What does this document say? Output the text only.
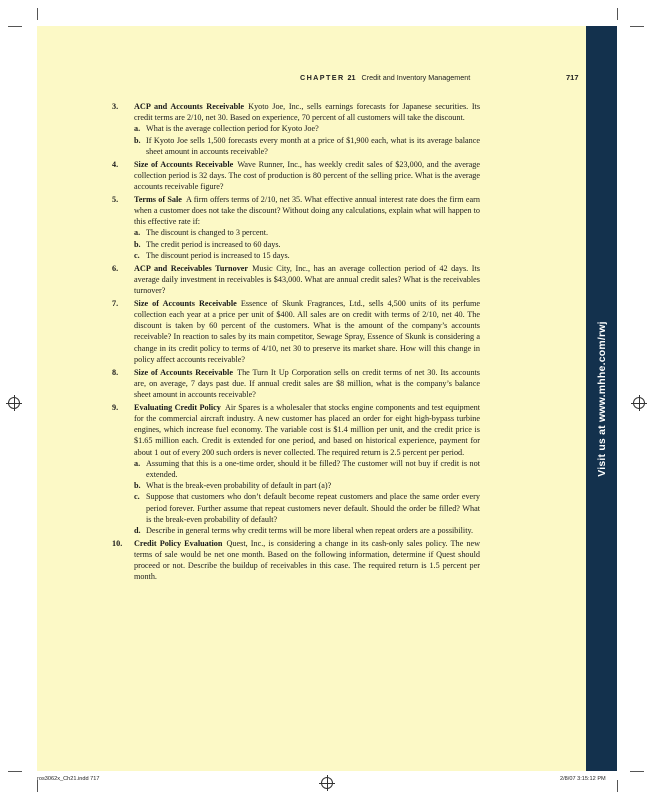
Visit us at www.mhhe.com/rwj
CHAPTER 21 Credit and Inventory Management	717
3.	ACP and Accounts Receivable  Kyoto Joe, Inc., sells earnings forecasts for Japanese securities. Its credit terms are 2/10, net 30. Based on experience, 70 percent of all customers will take the discount.
a. What is the average collection period for Kyoto Joe?
b. If Kyoto Joe sells 1,500 forecasts every month at a price of $1,900 each, what is its average balance sheet amount in accounts receivable?
4.	Size of Accounts Receivable  Wave Runner, Inc., has weekly credit sales of $23,000, and the average collection period is 32 days. The cost of production is 80 percent of the selling price. What is the average accounts receivable figure?
5.	Terms of Sale  A firm offers terms of 2/10, net 35. What effective annual interest rate does the firm earn when a customer does not take the discount? Without doing any calculations, explain what will happen to this effective rate if:
a. The discount is changed to 3 percent.
b. The credit period is increased to 60 days.
c. The discount period is increased to 15 days.
6.	ACP and Receivables Turnover  Music City, Inc., has an average collection period of 42 days. Its average daily investment in receivables is $43,000. What are annual credit sales? What is the receivables turnover?
7.	Size of Accounts Receivable  Essence of Skunk Fragrances, Ltd., sells 4,500 units of its perfume collection each year at a price per unit of $400. All sales are on credit with terms of 2/10, net 40. The discount is taken by 60 percent of the customers. What is the amount of the company’s accounts receivable? In reaction to sales by its main competitor, Sewage Spray, Essence of Skunk is considering a change in its credit policy to terms of 4/10, net 30 to preserve its market share. How will this change in policy affect accounts receivable?
8.	Size of Accounts Receivable  The Turn It Up Corporation sells on credit terms of net 30. Its accounts are, on average, 7 days past due. If annual credit sales are $8 million, what is the company’s balance sheet amount in accounts receivable?
9.	Evaluating Credit Policy  Air Spares is a wholesaler that stocks engine components and test equipment for the commercial aircraft industry. A new customer has placed an order for eight high-bypass turbine engines, which increase fuel economy. The variable cost is $1.4 million per unit, and the credit price is $1.65 million each. Credit is extended for one period, and based on historical experience, payment for about 1 out of every 200 such orders is never collected. The required return is 2.5 percent per period.
a. Assuming that this is a one-time order, should it be filled? The customer will not buy if credit is not extended.
b. What is the break-even probability of default in part (a)?
c. Suppose that customers who don’t default become repeat customers and place the same order every period forever. Further assume that repeat customers never default. Should the order be filled? What is the break-even probability of default?
d. Describe in general terms why credit terms will be more liberal when repeat orders are a possibility.
10.	Credit Policy Evaluation  Quest, Inc., is considering a change in its cash-only sales policy. The new terms of sale would be net one month. Based on the following information, determine if Quest should proceed or not. Describe the buildup of receivables in this case. The required return is 1.5 percent per month.
ros3062x_Ch21.indd 717	2/8/07 3:15:12 PM
